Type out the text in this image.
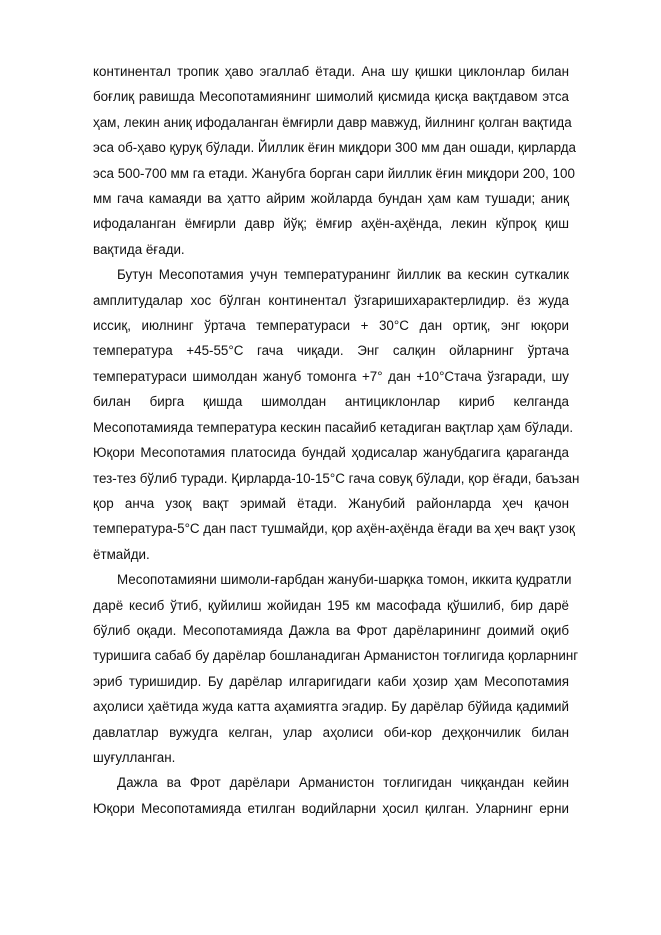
континентал тропик ҳаво эгаллаб ётади. Ана шу қишки циклонлар билан
боғлиқ равишда Месопотамиянинг шимолий қисмида қисқа вақтдавом этса
ҳам, лекин аниқ ифодаланган ёмғирли давр мавжуд, йилнинг қолган вақтида
эса об-ҳаво қуруқ бўлади. Йиллик ёғин миқдори 300 мм дан ошади, қирларда
эса 500-700 мм га етади. Жанубга борган сари йиллик ёғин миқдори 200, 100
мм гача камаяди ва ҳатто айрим жойларда бундан ҳам кам тушади; аниқ
ифодаланган ёмғирли давр йўқ; ёмғир аҳён-аҳёнда, лекин кўпроқ қиш
вақтида ёғади.
Бутун Месопотамия учун температуранинг йиллик ва кескин суткалик
амплитудалар хос бўлган континентал ўзгаришихарактерлидир. ёз жуда
иссиқ, июлнинг ўртача температураси + 30°С дан ортиқ, энг юқори
температура +45-55°С гача чиқади. Энг салқин ойларнинг ўртача
температураси шимолдан жануб томонга +7° дан +10°Стача ўзгаради, шу
билан бирга қишда шимолдан антициклонлар кириб келганда
Месопотамияда температура кескин пасайиб кетадиган вақтлар ҳам бўлади.
Юқори Месопотамия платосида бундай ҳодисалар жанубдагига қараганда
тез-тез бўлиб туради. Қирларда-10-15°С гача совуқ бўлади, қор ёғади, баъзан
қор анча узоқ вақт эримай ётади. Жанубий районларда ҳеч қачон
температура-5°С дан паст тушмайди, қор аҳён-аҳёнда ёғади ва ҳеч вақт узоқ
ётмайди.
Месопотамияни шимоли-ғарбдан жануби-шарқка томон, иккита қудратли
дарё кесиб ўтиб, қуйилиш жойидан 195 км масофада қўшилиб, бир дарё
бўлиб оқади. Месопотамияда Дажла ва Фрот дарёларининг доимий оқиб
туришига сабаб бу дарёлар бошланадиган Арманистон тоғлигида қорларнинг
эриб туришидир. Бу дарёлар илгаригидаги каби ҳозир ҳам Месопотамия
аҳолиси ҳаётида жуда катта аҳамиятга эгадир. Бу дарёлар бўйида қадимий
давлатлар вужудга келган, улар аҳолиси оби-кор деҳқончилик билан
шуғулланган.
Дажла ва Фрот дарёлари Арманистон тоғлигидан чиққандан кейин
Юқори Месопотамияда етилган водийларни ҳосил қилган. Уларнинг ерни
